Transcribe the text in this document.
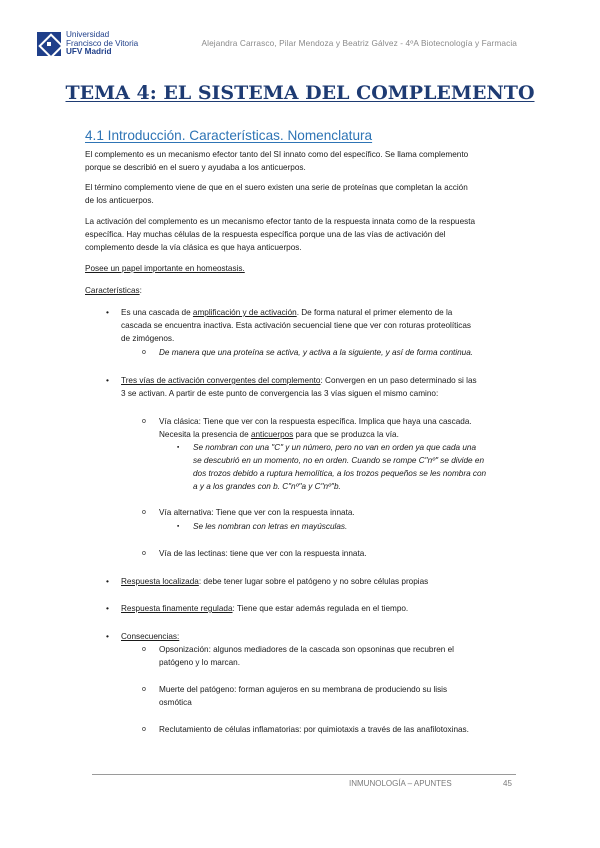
Universidad
Francisco de Vitoria
UFV Madrid
Alejandra Carrasco, Pilar Mendoza y Beatriz Gálvez - 4ºA Biotecnología y Farmacia
TEMA 4: EL SISTEMA DEL COMPLEMENTO
4.1 Introducción. Características. Nomenclatura
El complemento es un mecanismo efector tanto del SI innato como del específico. Se llama complemento
porque se describió en el suero y ayudaba a los anticuerpos.
El término complemento viene de que en el suero existen una serie de proteínas que completan la acción
de los anticuerpos.
La activación del complemento es un mecanismo efector tanto de la respuesta innata como de la respuesta
específica. Hay muchas células de la respuesta específica porque una de las vías de activación del
complemento desde la vía clásica es que haya anticuerpos.
Posee un papel importante en homeostasis.
Características:
• Es una cascada de amplificación y de activación. De forma natural el primer elemento de la
cascada se encuentra inactiva. Esta activación secuencial tiene que ver con roturas proteolíticas
de zimógenos.
o De manera que una proteína se activa, y activa a la siguiente, y así de forma continua.
• Tres vías de activación convergentes del complemento: Convergen en un paso determinado si las
3 se activan. A partir de este punto de convergencia las 3 vías siguen el mismo camino:
o Vía clásica: Tiene que ver con la respuesta específica. Implica que haya una cascada.
Necesita la presencia de anticuerpos para que se produzca la vía.
▪ Se nombran con una "C" y un número, pero no van en orden ya que cada una
se descubrió en un momento, no en orden. Cuando se rompe C"nº" se divide en
dos trozos debido a ruptura hemolítica, a los trozos pequeños se les nombra con
a y a los grandes con b. C"nº"a y C"nº"b.
o Vía alternativa: Tiene que ver con la respuesta innata.
▪ Se les nombran con letras en mayúsculas.
o Vía de las lectinas: tiene que ver con la respuesta innata.
• Respuesta localizada: debe tener lugar sobre el patógeno y no sobre células propias
• Respuesta finamente regulada: Tiene que estar además regulada en el tiempo.
• Consecuencias:
o Opsonización: algunos mediadores de la cascada son opsoninas que recubren el
patógeno y lo marcan.
o Muerte del patógeno: forman agujeros en su membrana de produciendo su lisis
osmótica
o Reclutamiento de células inflamatorias: por quimiotaxis a través de las anafilotoxinas.
INMUNOLOGÍA – APUNTES	45
